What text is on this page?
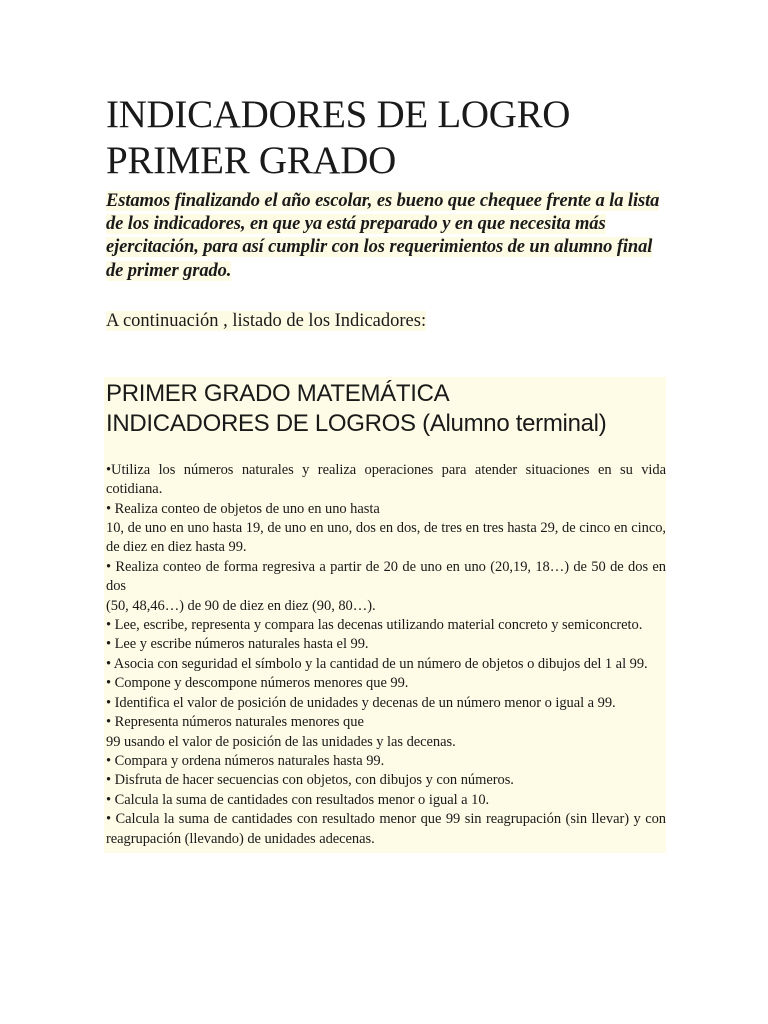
INDICADORES DE LOGRO
PRIMER GRADO

Estamos finalizando el año escolar, es bueno que chequee frente a la lista de los indicadores, en que ya está preparado y en que necesita más ejercitación, para así cumplir con los requerimientos de un alumno final de primer grado.

A continuación , listado de los Indicadores:

PRIMER GRADO MATEMÁTICA
INDICADORES DE LOGROS (Alumno terminal)
•Utiliza los números naturales y realiza operaciones para atender situaciones en su vida cotidiana.
• Realiza conteo de objetos de uno en uno hasta
10, de uno en uno hasta 19, de uno en uno, dos en dos, de tres en tres hasta 29, de cinco en cinco, de diez en diez hasta 99.
• Realiza conteo de forma regresiva a partir de 20 de uno en uno (20,19, 18…) de 50 de dos en dos
(50, 48,46…) de 90 de diez en diez (90, 80…).
• Lee, escribe, representa y compara las decenas utilizando material concreto y semiconcreto.
• Lee y escribe números naturales hasta el 99.
• Asocia con seguridad el símbolo y la cantidad de un número de objetos o dibujos del 1 al 99.
• Compone y descompone números menores que 99.
• Identifica el valor de posición de unidades y decenas de un número menor o igual a 99.
• Representa números naturales menores que
99 usando el valor de posición de las unidades y las decenas.
• Compara y ordena números naturales hasta 99.
• Disfruta de hacer secuencias con objetos, con dibujos y con números.
• Calcula la suma de cantidades con resultados menor o igual a 10.
• Calcula la suma de cantidades con resultado menor que 99 sin reagrupación (sin llevar) y con reagrupación (llevando) de unidades adecenas.
